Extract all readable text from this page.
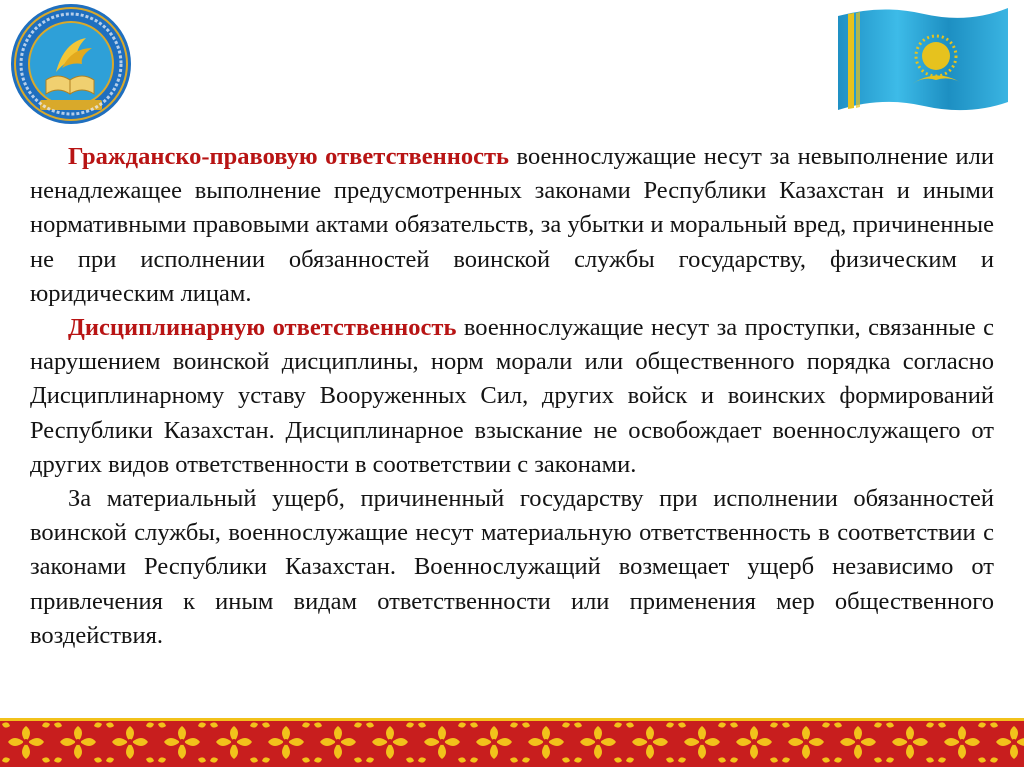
Гражданско-правовую ответственность военнослужащие несут за невыполнение или ненадлежащее выполнение предусмотренных законами Республики Казахстан и иными нормативными правовыми актами обязательств, за убытки и моральный вред, причиненные не при исполнении обязанностей воинской службы государству, физическим и юридическим лицам.

Дисциплинарную ответственность военнослужащие несут за проступки, связанные с нарушением воинской дисциплины, норм морали или общественного порядка согласно Дисциплинарному уставу Вооруженных Сил, других войск и воинских формирований Республики Казахстан. Дисциплинарное взыскание не освобождает военнослужащего от других видов ответственности в соответствии с законами.

За материальный ущерб, причиненный государству при исполнении обязанностей воинской службы, военнослужащие несут материальную ответственность в соответствии с законами Республики Казахстан. Военнослужащий возмещает ущерб независимо от привлечения к иным видам ответственности или применения мер общественного воздействия.
